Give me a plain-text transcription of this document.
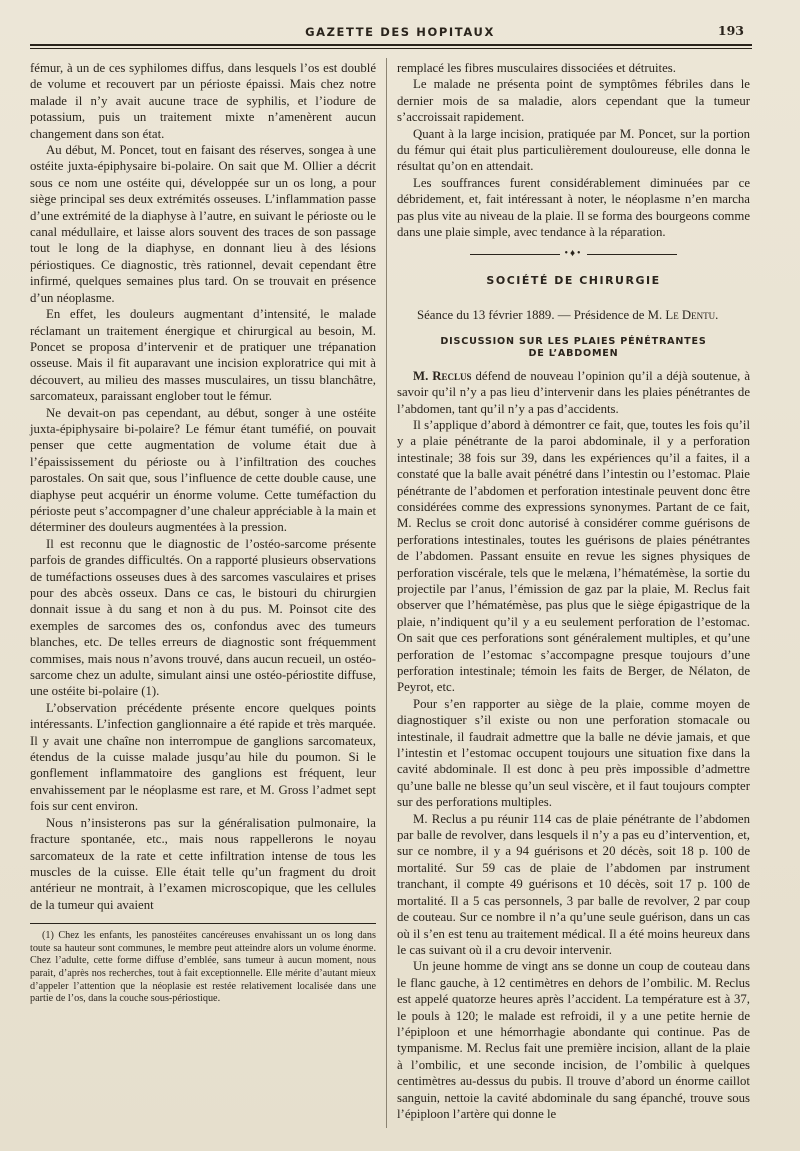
GAZETTE DES HOPITAUX	193

fémur, à un de ces syphilomes diffus, dans lesquels l’os est doublé de volume et recouvert par un périoste épaissi. Mais chez notre malade il n’y avait aucune trace de syphilis, et l’iodure de potassium, puis un traitement mixte n’amenèrent aucun changement dans son état.

Au début, M. Poncet, tout en faisant des réserves, songea à une ostéite juxta-épiphysaire bi-polaire. On sait que M. Ollier a décrit sous ce nom une ostéite qui, développée sur un os long, a pour siège principal ses deux extrémités osseuses. L’inflammation passe d’une extrémité de la diaphyse à l’autre, en suivant le périoste ou le canal médullaire, et laisse alors souvent des traces de son passage tout le long de la diaphyse, en donnant lieu à des lésions périostiques. Ce diagnostic, très rationnel, devait cependant être infirmé, quelques semaines plus tard. On se trouvait en présence d’un néoplasme.

En effet, les douleurs augmentant d’intensité, le malade réclamant un traitement énergique et chirurgical au besoin, M. Poncet se proposa d’intervenir et de pratiquer une trépanation osseuse. Mais il fit auparavant une incision exploratrice qui mit à découvert, au milieu des masses musculaires, un tissu blanchâtre, sarcomateux, paraissant englober tout le fémur.

Ne devait-on pas cependant, au début, songer à une ostéite juxta-épiphysaire bi-polaire? Le fémur étant tuméfié, on pouvait penser que cette augmentation de volume était due à l’épaississement du périoste ou à l’infiltration des couches parostales. On sait que, sous l’influence de cette double cause, une diaphyse peut acquérir un énorme volume. Cette tuméfaction du périoste peut s’accompagner d’une chaleur appréciable à la main et déterminer des douleurs augmentées à la pression.

Il est reconnu que le diagnostic de l’ostéo-sarcome présente parfois de grandes difficultés. On a rapporté plusieurs observations de tuméfactions osseuses dues à des sarcomes vasculaires et prises pour des abcès osseux. Dans ce cas, le bistouri du chirurgien donnait issue à du sang et non à du pus. M. Poinsot cite des exemples de sarcomes des os, confondus avec des tumeurs blanches, etc. De telles erreurs de diagnostic sont fréquemment commises, mais nous n’avons trouvé, dans aucun recueil, un ostéo-sarcome chez un adulte, simulant ainsi une ostéo-périostite diffuse, une ostéite bi-polaire (1).

L’observation précédente présente encore quelques points intéressants. L’infection ganglionnaire a été rapide et très marquée. Il y avait une chaîne non interrompue de ganglions sarcomateux, étendus de la cuisse malade jusqu’au hile du poumon. Si le gonflement inflammatoire des ganglions est fréquent, leur envahissement par le néoplasme est rare, et M. Gross l’admet sept fois sur cent environ.

Nous n’insisterons pas sur la généralisation pulmonaire, la fracture spontanée, etc., mais nous rappellerons le noyau sarcomateux de la rate et cette infiltration intense de tous les muscles de la cuisse. Elle était telle qu’un fragment du droit antérieur ne montrait, à l’examen microscopique, que les cellules de la tumeur qui avaient

(1) Chez les enfants, les panostéites cancéreuses envahissant un os long dans toute sa hauteur sont communes, le membre peut atteindre alors un volume énorme. Chez l’adulte, cette forme diffuse d’emblée, sans tumeur à aucun moment, nous parait, d’après nos recherches, tout à fait exceptionnelle. Elle mérite d’autant mieux d’appeler l’attention que la néoplasie est restée relativement localisée dans une partie de l’os, dans la couche sous-périostique.

remplacé les fibres musculaires dissociées et détruites.

Le malade ne présenta point de symptômes fébriles dans le dernier mois de sa maladie, alors cependant que la tumeur s’accroissait rapidement.

Quant à la large incision, pratiquée par M. Poncet, sur la portion du fémur qui était plus particulièrement douloureuse, elle donna le résultat qu’on en attendait.

Les souffrances furent considérablement diminuées par ce débridement, et, fait intéressant à noter, le néoplasme n’en marcha pas plus vite au niveau de la plaie. Il se forma des bourgeons comme dans une plaie simple, avec tendance à la réparation.

•♦•
SOCIÉTÉ DE CHIRURGIE

Séance du 13 février 1889. — Présidence de M. Le Dentu.

DISCUSSION SUR LES PLAIES PÉNÉTRANTES
DE L’ABDOMEN

M. Reclus défend de nouveau l’opinion qu’il a déjà soutenue, à savoir qu’il n’y a pas lieu d’intervenir dans les plaies pénétrantes de l’abdomen, tant qu’il n’y a pas d’accidents.

Il s’applique d’abord à démontrer ce fait, que, toutes les fois qu’il y a plaie pénétrante de la paroi abdominale, il y a perforation intestinale; 38 fois sur 39, dans les expériences qu’il a faites, il a constaté que la balle avait pénétré dans l’intestin ou l’estomac. Plaie pénétrante de l’abdomen et perforation intestinale peuvent donc être considérées comme des expressions synonymes. Partant de ce fait, M. Reclus se croit donc autorisé à considérer comme guérisons de perforations intestinales, toutes les guérisons de plaies pénétrantes de l’abdomen. Passant ensuite en revue les signes physiques de perforation viscérale, tels que le melæna, l’hématémèse, la sortie du projectile par l’anus, l’émission de gaz par la plaie, M. Reclus fait observer que l’hématémèse, pas plus que le siège épigastrique de la plaie, n’indiquent qu’il y a eu seulement perforation de l’estomac. On sait que ces perforations sont généralement multiples, et qu’une perforation de l’estomac s’accompagne presque toujours d’une perforation intestinale; témoin les faits de Berger, de Nélaton, de Peyrot, etc.

Pour s’en rapporter au siège de la plaie, comme moyen de diagnostiquer s’il existe ou non une perforation stomacale ou intestinale, il faudrait admettre que la balle ne dévie jamais, et que l’intestin et l’estomac occupent toujours une situation fixe dans la cavité abdominale. Il est donc à peu près impossible d’admettre qu’une balle ne blesse qu’un seul viscère, et il faut toujours compter sur des perforations multiples.

M. Reclus a pu réunir 114 cas de plaie pénétrante de l’abdomen par balle de revolver, dans lesquels il n’y a pas eu d’intervention, et, sur ce nombre, il y a 94 guérisons et 20 décès, soit 18 p. 100 de mortalité. Sur 59 cas de plaie de l’abdomen par instrument tranchant, il compte 49 guérisons et 10 décès, soit 17 p. 100 de mortalité. Il a 5 cas personnels, 3 par balle de revolver, 2 par coup de couteau. Sur ce nombre il n’a qu’une seule guérison, dans un cas où il s’en est tenu au traitement médical. Il a été moins heureux dans le cas suivant où il a cru devoir intervenir.

Un jeune homme de vingt ans se donne un coup de couteau dans le flanc gauche, à 12 centimètres en dehors de l’ombilic. M. Reclus est appelé quatorze heures après l’accident. La température est à 37, le pouls à 120; le malade est refroidi, il y a une petite hernie de l’épiploon et une hémorrhagie abondante qui continue. Pas de tympanisme. M. Reclus fait une première incision, allant de la plaie à l’ombilic, et une seconde incision, de l’ombilic à quelques centimètres au-dessus du pubis. Il trouve d’abord un énorme caillot sanguin, nettoie la cavité abdominale du sang épanché, trouve sous l’épiploon l’artère qui donne le
